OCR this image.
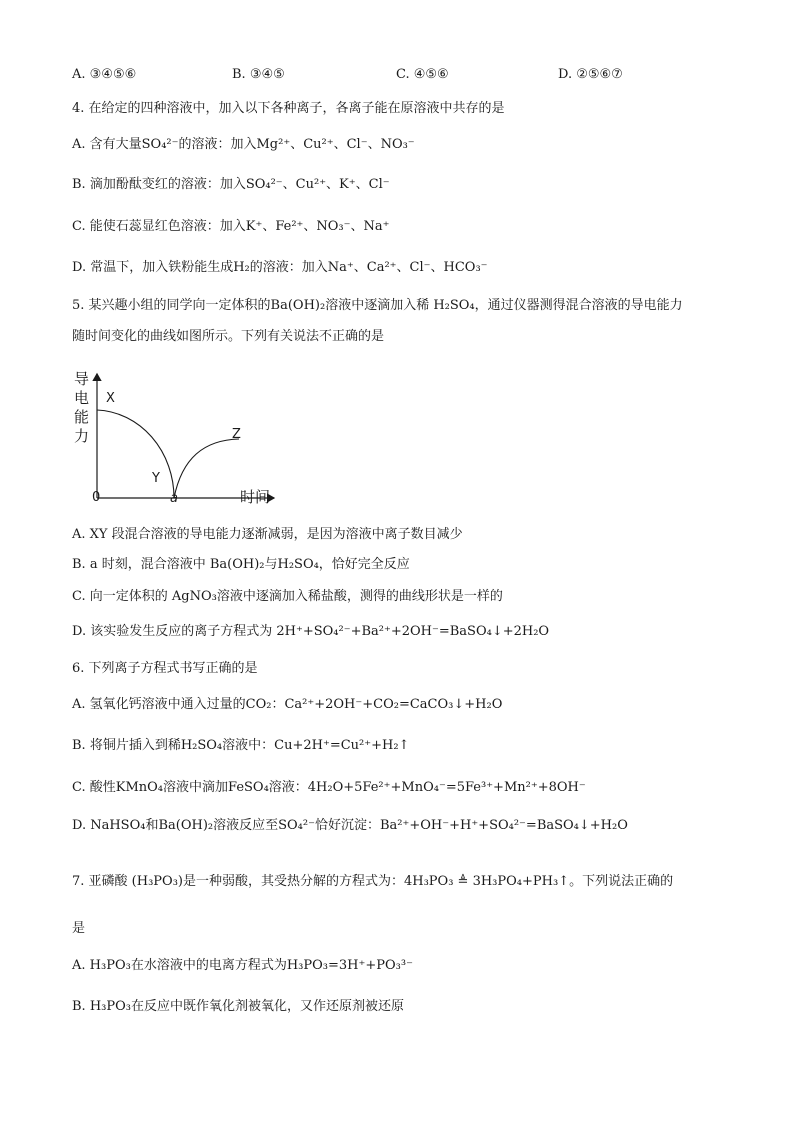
A. ③④⑤⑥	B. ③④⑤	C. ④⑤⑥	D. ②⑤⑥⑦
4. 在给定的四种溶液中，加入以下各种离子，各离子能在原溶液中共存的是
A. 含有大量SO₄²⁻的溶液：加入Mg²⁺、Cu²⁺、Cl⁻、NO₃⁻
B. 滴加酚酞变红的溶液：加入SO₄²⁻、Cu²⁺、K⁺、Cl⁻
C. 能使石蕊显红色溶液：加入K⁺、Fe²⁺、NO₃⁻、Na⁺
D. 常温下，加入铁粉能生成H₂的溶液：加入Na⁺、Ca²⁺、Cl⁻、HCO₃⁻
5. 某兴趣小组的同学向一定体积的Ba(OH)₂溶液中逐滴加入稀 H₂SO₄，通过仪器测得混合溶液的导电能力
随时间变化的曲线如图所示。下列有关说法不正确的是
导
电
能
力
X
Y
Z
0	a	时间
A. XY 段混合溶液的导电能力逐渐减弱，是因为溶液中离子数目减少
B. a 时刻，混合溶液中 Ba(OH)₂与H₂SO₄，恰好完全反应
C. 向一定体积的 AgNO₃溶液中逐滴加入稀盐酸，测得的曲线形状是一样的
D. 该实验发生反应的离子方程式为 2H⁺+SO₄²⁻+Ba²⁺+2OH⁻=BaSO₄↓+2H₂O
6. 下列离子方程式书写正确的是
A. 氢氧化钙溶液中通入过量的CO₂：Ca²⁺+2OH⁻+CO₂=CaCO₃↓+H₂O
B. 将铜片插入到稀H₂SO₄溶液中：Cu+2H⁺=Cu²⁺+H₂↑
C. 酸性KMnO₄溶液中滴加FeSO₄溶液：4H₂O+5Fe²⁺+MnO₄⁻=5Fe³⁺+Mn²⁺+8OH⁻
D. NaHSO₄和Ba(OH)₂溶液反应至SO₄²⁻恰好沉淀：Ba²⁺+OH⁻+H⁺+SO₄²⁻=BaSO₄↓+H₂O
7. 亚磷酸 (H₃PO₃)是一种弱酸，其受热分解的方程式为：4H₃PO₃ ≜ 3H₃PO₄+PH₃↑。下列说法正确的
是
A. H₃PO₃在水溶液中的电离方程式为H₃PO₃=3H⁺+PO₃³⁻
B. H₃PO₃在反应中既作氧化剂被氧化，又作还原剂被还原
